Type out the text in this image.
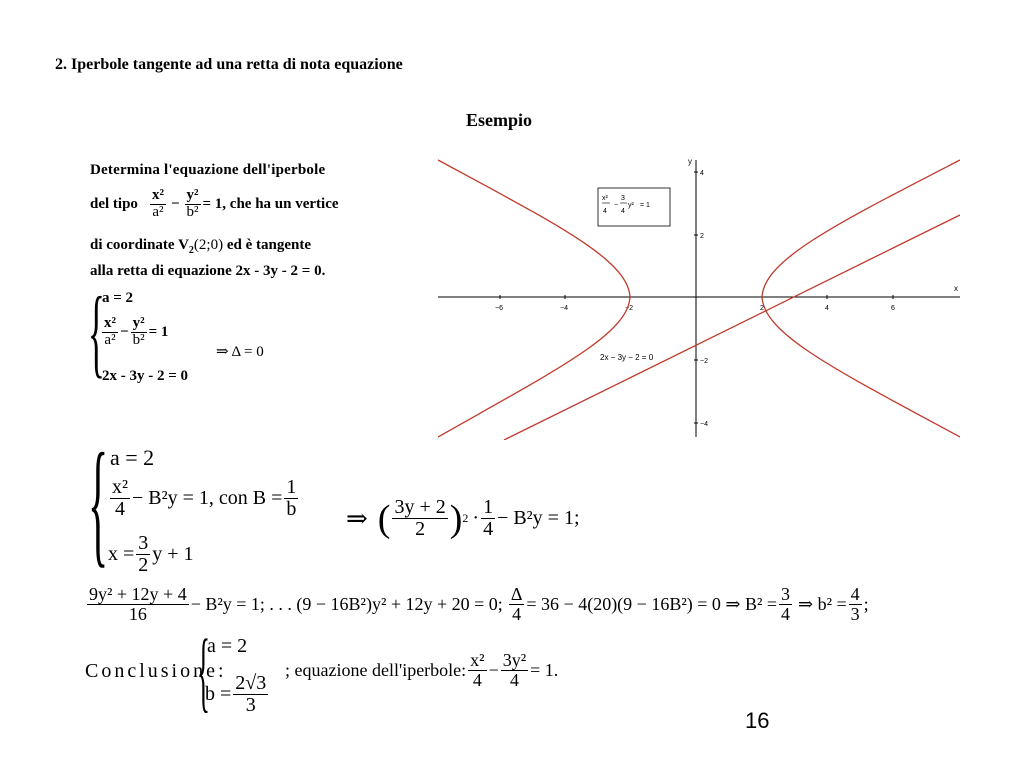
2. Iperbole tangente ad una retta di nota equazione
Esempio
Determina l'equazione dell'iperbole
del tipo $\frac{\text{x²}}{\text{a²}} - \frac{\text{y²}}{\text{b²}} = 1$, che ha un vertice
di coordinate $V_2(2;0)$ ed è tangente
alla retta di equazione 2x - 3y - 2 = 0.
{
a = 2
$\frac{\text{x²}}{\text{a²}} - \frac{\text{y²}}{\text{b²}} = 1$
⇒ Δ = 0
2x - 3y - 2 = 0
x
y
−6	−4	−2	2	4	6
4
2
−2
−4
2x − 3y − 2 = 0
x²
4
−
3
4
y² = 1
{ a = 2
$\frac{\text{x²}}{4} - B^2y = 1$, con $B = \frac{1}{b}$
$x = \frac{3}{2}$ y + 1
⇒ ( $\frac{3y + 2}{2}$ ) $2 \cdot \frac{1}{4} - B^2y = 1$;
$\frac{\text{9y² + 12y + 4}}{16} - B^2y = 1$; . . . (9 − 16B²)y² + 12y + 20 = 0; $\frac{\Delta}{4} = 36 - 4(20)(9 - 16B^2) = 0$ ⇒ $B^2 = \frac{3}{4}$ ⇒ $b^2 = \frac{4}{3}$ ;
Conclusione:
{
a = 2
$b = \frac{2√3}{3}$
; equazione dell'iperbole: $\frac{\text{x²}}{4} - \frac{\text{3y²}}{4} = 1$.
16
